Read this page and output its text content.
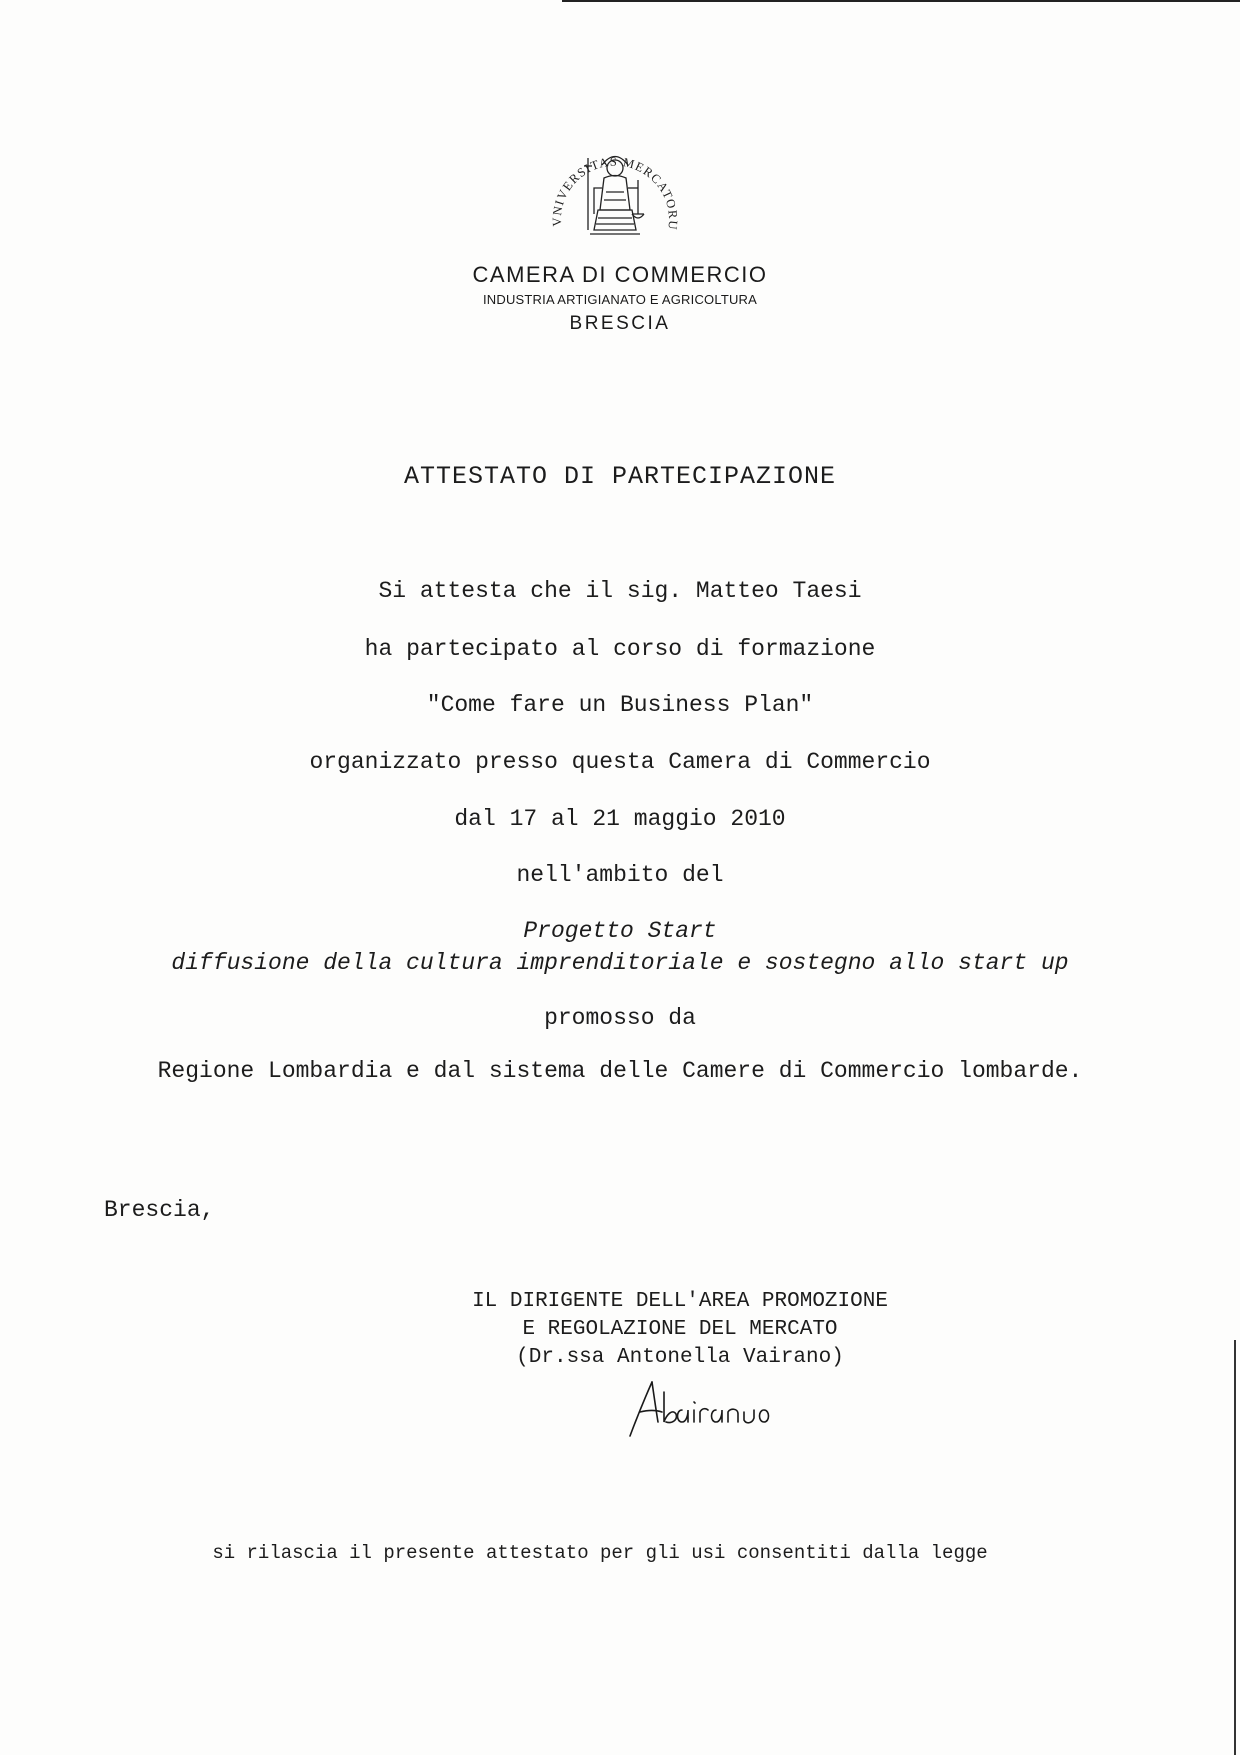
VNIVERSITAS MERCATORU
CAMERA DI COMMERCIO
INDUSTRIA ARTIGIANATO E AGRICOLTURA
BRESCIA
ATTESTATO DI PARTECIPAZIONE
Si attesta che il sig. Matteo Taesi
ha partecipato al corso di formazione
"Come fare un Business Plan"
organizzato presso questa Camera di Commercio
dal 17 al 21 maggio 2010
nell'ambito del
Progetto Start
diffusione della cultura imprenditoriale e sostegno allo start up
promosso da
Regione Lombardia e dal sistema delle Camere di Commercio lombarde.
Brescia,
IL DIRIGENTE DELL'AREA PROMOZIONE
E REGOLAZIONE DEL MERCATO
(Dr.ssa Antonella Vairano)
si rilascia il presente attestato per gli usi consentiti dalla legge
